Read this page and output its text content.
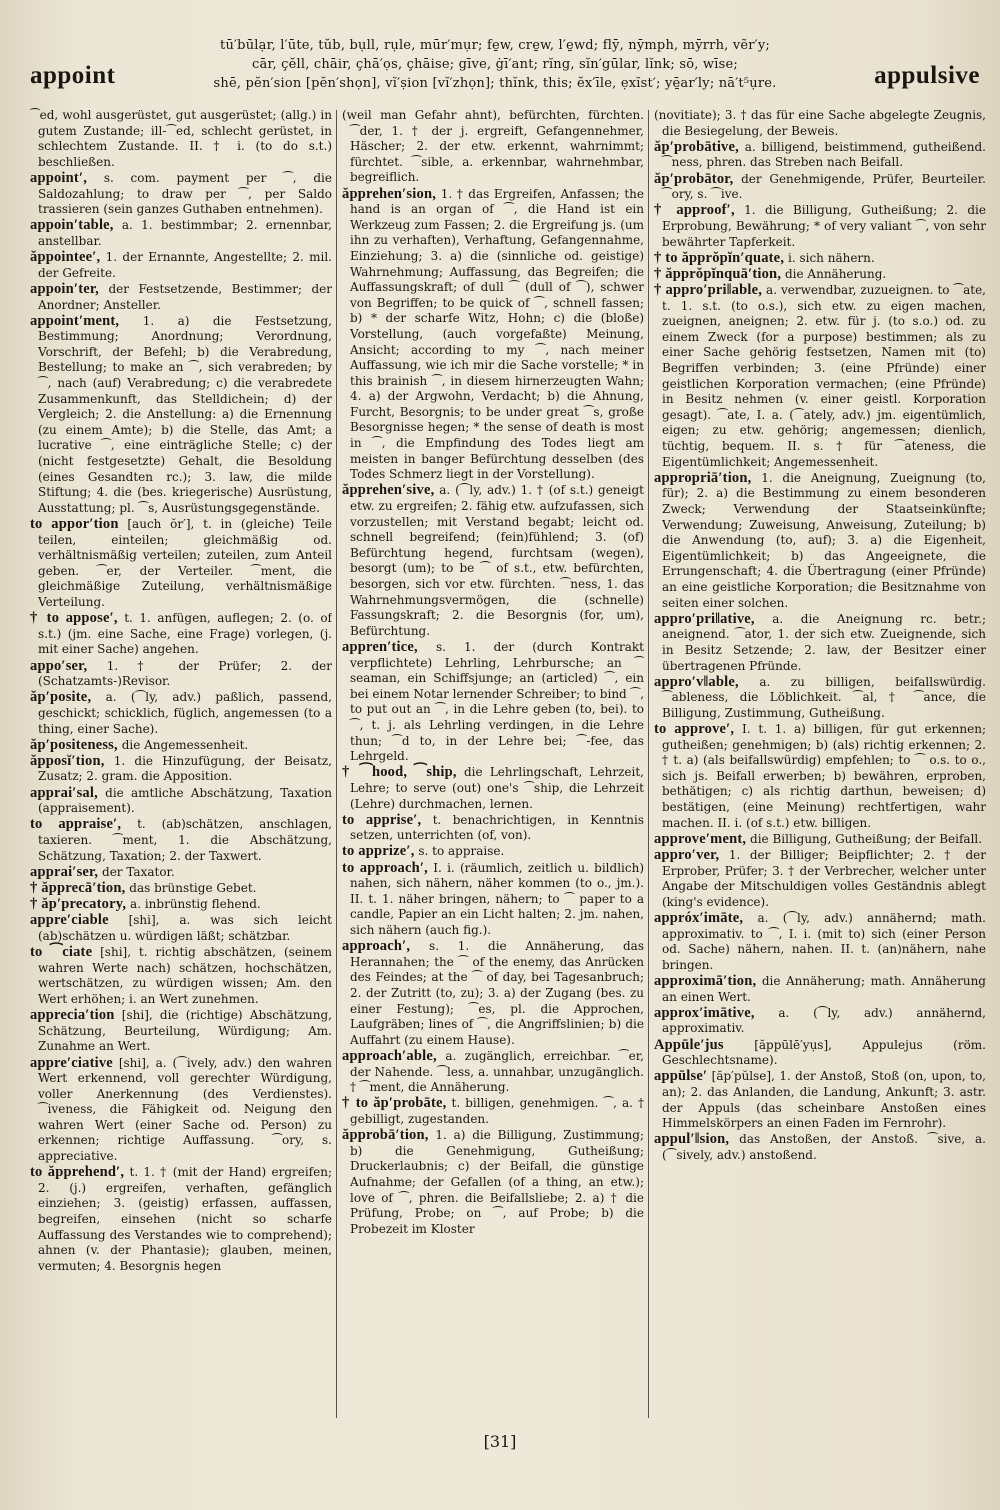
appoint
tū′bū̇lạr, l′ūte, tŭb, bụll, rụle, mūr′mụr; fe̱w, cre̱w, l′e̱wd; flȳ, nȳmph, mȳrrh, vẽr′y;
cār, çĕll, chāir, çhā′ọs, çhāise; gīve, ġī′ant; rĭng, sĭn′gūlar, lĭnk; sō, wīse;
shē, pĕn′sion [pĕn′shọn], vĭ′ṣion [vĭ′zhọn]; thĭnk, this; ĕx′īle, ẹxĭst′; yē̱ar′ly; nā′t⁵ụre.	appulsive
⁀ed, wohl ausgerüstet, gut ausgerüstet; (allg.) in gutem Zustande; ill-⁀ed, schlecht gerüstet, in schlechtem Zustande. II. † i. (to do s.t.) beschließen.
appoint′, s. com. payment per ⁀, die Saldozahlung; to draw per ⁀, per Saldo trassieren (sein ganzes Guthaben entnehmen).
appoin′table, a. 1. bestimmbar; 2. ernennbar, anstellbar.
ăppointee′, 1. der Ernannte, Angestellte; 2. mil. der Gefreite.
appoin′ter, der Festsetzende, Bestimmer; der Anordner; Ansteller.
appoint′ment, 1. a) die Festsetzung, Bestimmung; Anordnung; Verordnung, Vorschrift, der Befehl; b) die Verabredung, Bestellung; to make an ⁀, sich verabreden; by ⁀, nach (auf) Verabredung; c) die verabredete Zusammenkunft, das Stelldichein; d) der Vergleich; 2. die Anstellung: a) die Ernennung (zu einem Amte); b) die Stelle, das Amt; a lucrative ⁀, eine einträgliche Stelle; c) der (nicht festgesetzte) Gehalt, die Besoldung (eines Gesandten rc.); 3. law, die milde Stiftung; 4. die (bes. kriegerische) Ausrüstung, Ausstattung; pl. ⁀s, Ausrüstungsgegenstände.
to appor′tion [auch ŏr′], t. in (gleiche) Teile teilen, einteilen; gleichmäßig od. verhältnismäßig verteilen; zuteilen, zum Anteil geben. ⁀er, der Verteiler. ⁀ment, die gleichmäßige Zuteilung, verhältnismäßige Verteilung.
† to appose′, t. 1. anfügen, auflegen; 2. (o. of s.t.) (jm. eine Sache, eine Frage) vorlegen, (j. mit einer Sache) angehen.
appo′ser, 1. † der Prüfer; 2. der (Schatzamts-)Revisor.
ăp′posite, a. (⁀ly, adv.) paßlich, passend, geschickt; schicklich, füglich, angemessen (to a thing, einer Sache).
ăp′positeness, die Angemessenheit.
ăpposĭ′tion, 1. die Hinzufügung, der Beisatz, Zusatz; 2. gram. die Apposition.
apprai′sal, die amtliche Abschätzung, Taxation (appraisement).
to appraise′, t. (ab)schätzen, anschlagen, taxieren. ⁀ment, 1. die Abschätzung, Schätzung, Taxation; 2. der Taxwert.
apprai′ser, der Taxator.
† ăpprecā′tion, das brünstige Gebet.
† ăp′precatory, a. inbrünstig flehend.
appre′ciable [shi], a. was sich leicht (ab)schätzen u. würdigen läßt; schätzbar.
to ⁀ciate [shi], t. richtig abschätzen, (seinem wahren Werte nach) schätzen, hochschätzen, wertschätzen, zu würdigen wissen; Am. den Wert erhöhen; i. an Wert zunehmen.
apprecia′tion [shi], die (richtige) Abschätzung, Schätzung, Beurteilung, Würdigung; Am. Zunahme an Wert.
appre′ciative [shi], a. (⁀ively, adv.) den wahren Wert erkennend, voll gerechter Würdigung, voller Anerkennung (des Verdienstes). ⁀iveness, die Fähigkeit od. Neigung den wahren Wert (einer Sache od. Person) zu erkennen; richtige Auffassung. ⁀ory, s. appreciative.
to ăpprehend′, t. 1. † (mit der Hand) ergreifen; 2. (j.) ergreifen, verhaften, gefänglich einziehen; 3. (geistig) erfassen, auffassen, begreifen, einsehen (nicht so scharfe Auffassung des Verstandes wie to comprehend); ahnen (v. der Phantasie); glauben, meinen, vermuten; 4. Besorgnis hegen
(weil man Gefahr ahnt), befürchten, fürchten. ⁀der, 1. † der j. ergreift, Gefangennehmer, Häscher; 2. der etw. erkennt, wahrnimmt; fürchtet. ⁀sible, a. erkennbar, wahrnehmbar, begreiflich.
ăpprehen′sion, 1. † das Ergreifen, Anfassen; the hand is an organ of ⁀, die Hand ist ein Werkzeug zum Fassen; 2. die Ergreifung js. (um ihn zu verhaften), Verhaftung, Gefangennahme, Einziehung; 3. a) die (sinnliche od. geistige) Wahrnehmung; Auffassung, das Begreifen; die Auffassungskraft; of dull ⁀ (dull of ⁀), schwer von Begriffen; to be quick of ⁀, schnell fassen; b) * der scharfe Witz, Hohn; c) die (bloße) Vorstellung, (auch vorgefaßte) Meinung, Ansicht; according to my ⁀, nach meiner Auffassung, wie ich mir die Sache vorstelle; * in this brainish ⁀, in diesem hirnerzeugten Wahn; 4. a) der Argwohn, Verdacht; b) die Ahnung, Furcht, Besorgnis; to be under great ⁀s, große Besorgnisse hegen; * the sense of death is most in ⁀, die Empfindung des Todes liegt am meisten in banger Befürchtung desselben (des Todes Schmerz liegt in der Vorstellung).
ăpprehen′sive, a. (⁀ly, adv.) 1. † (of s.t.) geneigt etw. zu ergreifen; 2. fähig etw. aufzufassen, sich vorzustellen; mit Verstand begabt; leicht od. schnell begreifend; (fein)fühlend; 3. (of) Befürchtung hegend, furchtsam (wegen), besorgt (um); to be ⁀ of s.t., etw. befürchten, besorgen, sich vor etw. fürchten. ⁀ness, 1. das Wahrnehmungsvermögen, die (schnelle) Fassungskraft; 2. die Besorgnis (for, um), Befürchtung.
appren′tice, s. 1. der (durch Kontrakt verpflichtete) Lehrling, Lehrbursche; an ⁀ seaman, ein Schiffsjunge; an (articled) ⁀, ein bei einem Notar lernender Schreiber; to bind ⁀, to put out an ⁀, in die Lehre geben (to, bei). to ⁀, t. j. als Lehrling verdingen, in die Lehre thun; ⁀d to, in der Lehre bei; ⁀-fee, das Lehrgeld.
† ⁀hood, ⁀ship, die Lehrlingschaft, Lehrzeit, Lehre; to serve (out) one's ⁀ship, die Lehrzeit (Lehre) durchmachen, lernen.
to apprise′, t. benachrichtigen, in Kenntnis setzen, unterrichten (of, von).
to apprize′, s. to appraise.
to approach′, I. i. (räumlich, zeitlich u. bildlich) nahen, sich nähern, näher kommen (to o., jm.). II. t. 1. näher bringen, nähern; to ⁀ paper to a candle, Papier an ein Licht halten; 2. jm. nahen, sich nähern (auch fig.).
approach′, s. 1. die Annäherung, das Herannahen; the ⁀ of the enemy, das Anrücken des Feindes; at the ⁀ of day, bei Tagesanbruch; 2. der Zutritt (to, zu); 3. a) der Zugang (bes. zu einer Festung); ⁀es, pl. die Approchen, Laufgräben; lines of ⁀, die Angriffslinien; b) die Auffahrt (zu einem Hause).
approach′able, a. zugänglich, erreichbar. ⁀er, der Nahende. ⁀less, a. unnahbar, unzugänglich. † ⁀ment, die Annäherung.
† to ăp′probāte, t. billigen, genehmigen. ⁀, a. † gebilligt, zugestanden.
ăpprobā′tion, 1. a) die Billigung, Zustimmung; b) die Genehmigung, Gutheißung; Druckerlaubnis; c) der Beifall, die günstige Aufnahme; der Gefallen (of a thing, an etw.); love of ⁀, phren. die Beifallsliebe; 2. a) † die Prüfung, Probe; on ⁀, auf Probe; b) die Probezeit im Kloster
(novitiate); 3. † das für eine Sache abgelegte Zeugnis, die Besiegelung, der Beweis.
ăp′probātive, a. billigend, beistimmend, gutheißend. ⁀ness, phren. das Streben nach Beifall.
ăp′probātor, der Genehmigende, Prüfer, Beurteiler. ⁀ory, s. ⁀ive.
† approof′, 1. die Billigung, Gutheißung; 2. die Erprobung, Bewährung; * of very valiant ⁀, von sehr bewährter Tapferkeit.
† to ăpprŏpĭn′quate, i. sich nähern.
† ăpprŏpĭnquā′tion, die Annäherung.
† appro′pri‖able, a. verwendbar, zuzueignen. to ⁀ate, t. 1. s.t. (to o.s.), sich etw. zu eigen machen, zueignen, aneignen; 2. etw. für j. (to s.o.) od. zu einem Zweck (for a purpose) bestimmen; als zu einer Sache gehörig festsetzen, Namen mit (to) Begriffen verbinden; 3. (eine Pfründe) einer geistlichen Korporation vermachen; (eine Pfründe) in Besitz nehmen (v. einer geistl. Korporation gesagt). ⁀ate, I. a. (⁀ately, adv.) jm. eigentümlich, eigen; zu etw. gehörig; angemessen; dienlich, tüchtig, bequem. II. s. † für ⁀ateness, die Eigentümlichkeit; Angemessenheit.
appropriā′tion, 1. die Aneignung, Zueignung (to, für); 2. a) die Bestimmung zu einem besonderen Zweck; Verwendung der Staatseinkünfte; Verwendung; Zuweisung, Anweisung, Zuteilung; b) die Anwendung (to, auf); 3. a) die Eigenheit, Eigentümlichkeit; b) das Angeeignete, die Errungenschaft; 4. die Übertragung (einer Pfründe) an eine geistliche Korporation; die Besitznahme von seiten einer solchen.
appro′pri‖ative, a. die Aneignung rc. betr.; aneignend. ⁀ator, 1. der sich etw. Zueignende, sich in Besitz Setzende; 2. law, der Besitzer einer übertragenen Pfründe.
appro′v‖able, a. zu billigen, beifallswürdig. ⁀ableness, die Löblichkeit. ⁀al, † ⁀ance, die Billigung, Zustimmung, Gutheißung.
to approve′, I. t. 1. a) billigen, für gut erkennen; gutheißen; genehmigen; b) (als) richtig erkennen; 2. † t. a) (als beifallswürdig) empfehlen; to ⁀ o.s. to o., sich js. Beifall erwerben; b) bewähren, erproben, bethätigen; c) als richtig darthun, beweisen; d) bestätigen, (eine Meinung) rechtfertigen, wahr machen. II. i. (of s.t.) etw. billigen.
approve′ment, die Billigung, Gutheißung; der Beifall.
appro′ver, 1. der Billiger; Beipflichter; 2. † der Erprober, Prüfer; 3. † der Verbrecher, welcher unter Angabe der Mitschuldigen volles Geständnis ablegt (king's evidence).
appróx′imāte, a. (⁀ly, adv.) annähernd; math. approximativ. to ⁀, I. i. (mit to) sich (einer Person od. Sache) nähern, nahen. II. t. (an)nähern, nahe bringen.
approximā′tion, die Annäherung; math. Annäherung an einen Wert.
approx′imātive, a. (⁀ly, adv.) annähernd, approximativ.
Appūle′jus	[ăppūlē′yụs], Appulejus (röm. Geschlechtsname).
appūlse′ [ăp′pŭlse], 1. der Anstoß, Stoß (on, upon, to, an); 2. das Anlanden, die Landung, Ankunft; 3. astr. der Appuls (das scheinbare Anstoßen eines Himmelskörpers an einen Faden im Fernrohr).
appul′‖sion, das Anstoßen, der Anstoß. ⁀sive, a. (⁀sively, adv.) anstoßend.
[31]
